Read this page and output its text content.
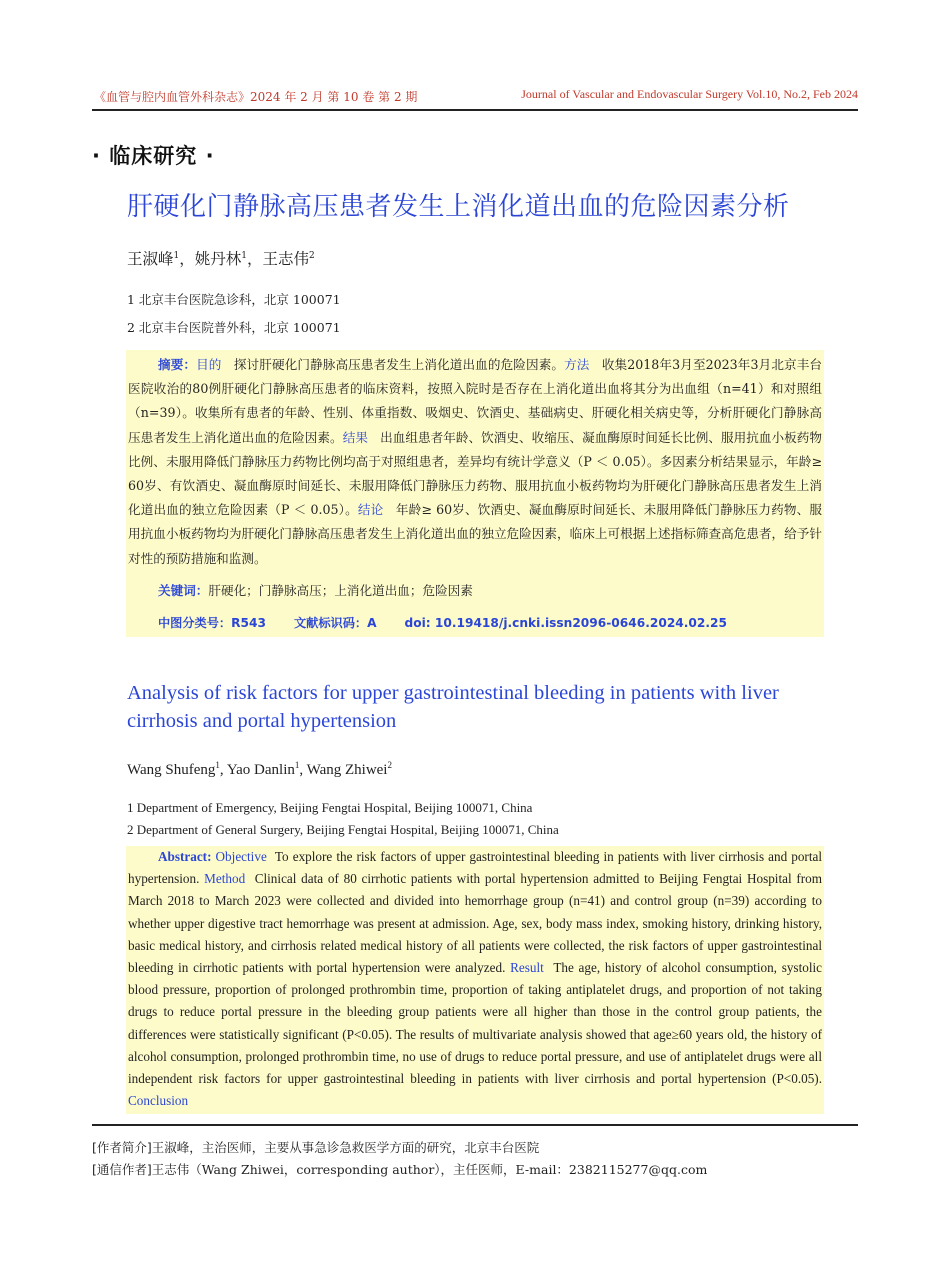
《血管与腔内血管外科杂志》2024 年 2 月 第 10 卷 第 2 期	Journal of Vascular and Endovascular Surgery Vol.10, No.2, Feb 2024
· 临床研究 ·
肝硬化门静脉高压患者发生上消化道出血的危险因素分析
王淑峰$^1$，姚丹林$^1$，王志伟$^2$
1 北京丰台医院急诊科，北京 100071
2 北京丰台医院普外科，北京 100071

摘要：目的 探讨肝硬化门静脉高压患者发生上消化道出血的危险因素。方法 收集2018年3月至2023年3月北京丰台医院收治的80例肝硬化门静脉高压患者的临床资料，按照入院时是否存在上消化道出血将其分为出血组（n=41）和对照组（n=39）。收集所有患者的年龄、性别、体重指数、吸烟史、饮酒史、基础病史、肝硬化相关病史等，分析肝硬化门静脉高压患者发生上消化道出血的危险因素。结果 出血组患者年龄、饮酒史、收缩压、凝血酶原时间延长比例、服用抗血小板药物比例、未服用降低门静脉压力药物比例均高于对照组患者，差异均有统计学意义（P ＜ 0.05）。多因素分析结果显示，年龄≥ 60岁、有饮酒史、凝血酶原时间延长、未服用降低门静脉压力药物、服用抗血小板药物均为肝硬化门静脉高压患者发生上消化道出血的独立危险因素（P ＜ 0.05）。结论 年龄≥ 60岁、饮酒史、凝血酶原时间延长、未服用降低门静脉压力药物、服用抗血小板药物均为肝硬化门静脉高压患者发生上消化道出血的独立危险因素，临床上可根据上述指标筛查高危患者，给予针对性的预防措施和监测。

关键词：肝硬化；门静脉高压；上消化道出血；危险因素

中图分类号：R543 文献标识码：A doi: 10.19418/j.cnki.issn2096-0646.2024.02.25

Analysis of risk factors for upper gastrointestinal bleeding in patients with liver cirrhosis and portal hypertension
Wang Shufeng$^1$, Yao Danlin$^1$, Wang Zhiwei$^2$
1 Department of Emergency, Beijing Fengtai Hospital, Beijing 100071, China
2 Department of General Surgery, Beijing Fengtai Hospital, Beijing 100071, China

Abstract: Objective To explore the risk factors of upper gastrointestinal bleeding in patients with liver cirrhosis and portal hypertension. Method Clinical data of 80 cirrhotic patients with portal hypertension admitted to Beijing Fengtai Hospital from March 2018 to March 2023 were collected and divided into hemorrhage group (n=41) and control group (n=39) according to whether upper digestive tract hemorrhage was present at admission. Age, sex, body mass index, smoking history, drinking history, basic medical history, and cirrhosis related medical history of all patients were collected, the risk factors of upper gastrointestinal bleeding in cirrhotic patients with portal hypertension were analyzed. Result The age, history of alcohol consumption, systolic blood pressure, proportion of prolonged prothrombin time, proportion of taking antiplatelet drugs, and proportion of not taking drugs to reduce portal pressure in the bleeding group patients were all higher than those in the control group patients, the differences were statistically significant (P<0.05). The results of multivariate analysis showed that age≥60 years old, the history of alcohol consumption, prolonged prothrombin time, no use of drugs to reduce portal pressure, and use of antiplatelet drugs were all independent risk factors for upper gastrointestinal bleeding in patients with liver cirrhosis and portal hypertension (P<0.05). Conclusion

[作者简介]王淑峰，主治医师，主要从事急诊急救医学方面的研究，北京丰台医院
[通信作者]王志伟（Wang Zhiwei，corresponding author），主任医师，E-mail：2382115277@qq.com
